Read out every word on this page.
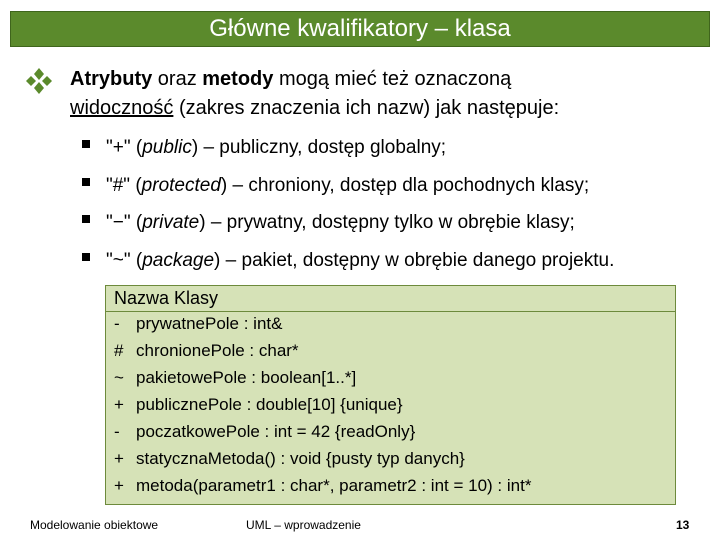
Główne kwalifikatory – klasa
Atrybuty oraz metody mogą mieć też oznaczoną
widoczność (zakres znaczenia ich nazw) jak następuje:
"+" (public) – publiczny, dostęp globalny;
"#" (protected) – chroniony, dostęp dla pochodnych klasy;
"−" (private) – prywatny, dostępny tylko w obrębie klasy;
"~" (package) – pakiet, dostępny w obrębie danego projektu.
Nazwa Klasy
- prywatnePole : int&
# chronionePole : char*
~ pakietowePole : boolean[1..*]
+ publicznePole : double[10] {unique}
- poczatkowePole : int = 42 {readOnly}
+ statycznaMetoda() : void {pusty typ danych}
+ metoda(parametr1 : char*, parametr2 : int = 10) : int*
Modelowanie obiektowe	UML – wprowadzenie	13
